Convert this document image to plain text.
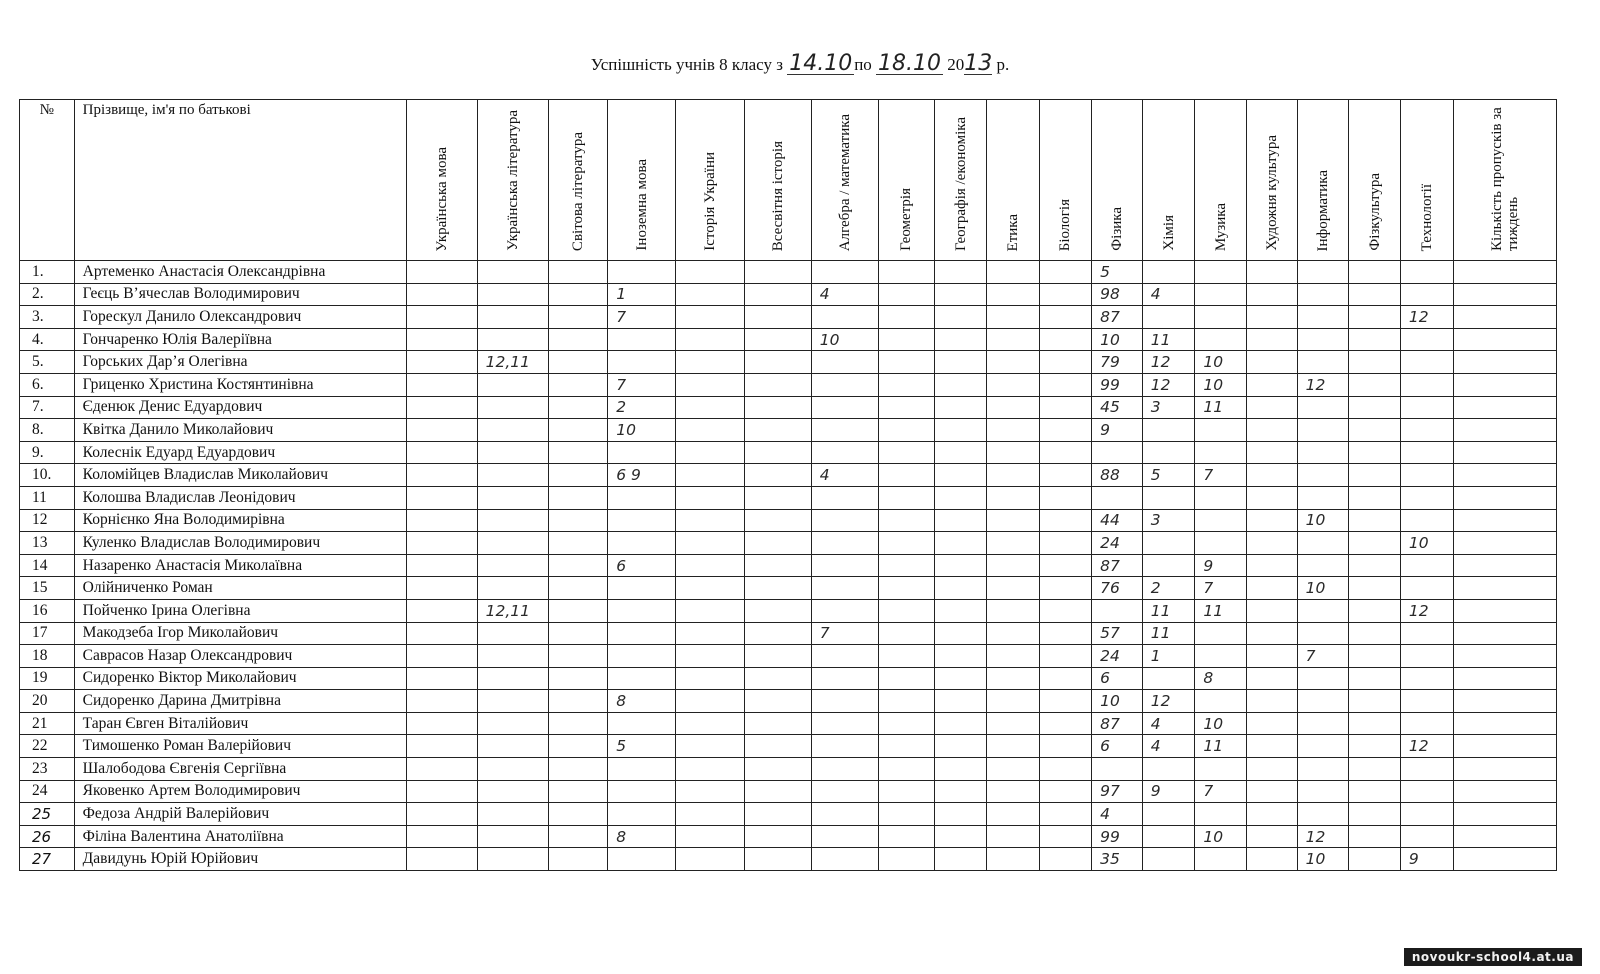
Успішність учнів 8 класу з 14.10 по 18.10 2013 р.
№	Прізвище, ім'я по батькові	Українська мова	Українська література	Світова література	Іноземна мова	Історія України	Всесвітня історія	Алгебра / математика	Геометрія	Географія /економіка	Етика	Біологія	Фізика	Хімія	Музика	Художня культура	Інформатика	Фізкультура	Технології	Кількість пропусків за тиждень
1.	Артеменко Анастасія Олександрівна												5							
2.	Геєць В’ячеслав Володимирович				1			4					98	4						
3.	Горескул Данило Олександрович				7								87						12	
4.	Гончаренко Юлія Валеріївна							10					10	11						
5.	Горських Дар’я Олегівна		12,11										79	12	10					
6.	Гриценко Христина Костянтинівна				7								99	12	10		12			
7.	Єденюк Денис Едуардович				2								45	3	11					
8.	Квітка Данило Миколайович				10								9							
9.	Колеснік Едуард Едуардович																			
10.	Коломійцев Владислав Миколайович				6 9			4					88	5	7					
11	Колошва Владислав Леонідович																			
12	Корнієнко Яна Володимирівна												44	3			10			
13	Куленко Владислав Володимирович												24						10	
14	Назаренко Анастасія Миколаївна				6								87		9					
15	Олійниченко Роман												76	2	7		10			
16	Пойченко Ірина Олегівна		12,11											11	11				12	
17	Макодзеба Ігор Миколайович							7					57	11						
18	Саврасов Назар Олександрович												24	1			7			
19	Сидоренко Віктор Миколайович												6		8					
20	Сидоренко Дарина Дмитрівна				8								10	12						
21	Таран Євген Віталійович												87	4	10					
22	Тимошенко Роман Валерійович				5								6	4	11				12	
23	Шалободова Євгенія Сергіївна																			
24	Яковенко Артем Володимирович												97	9	7					
25	Федоза Андрій Валерійович												4							
26	Філіна Валентина Анатоліївна				8								99		10		12			
27	Давидунь Юрій Юрійович												35				10		9	
novoukr-school4.at.ua
